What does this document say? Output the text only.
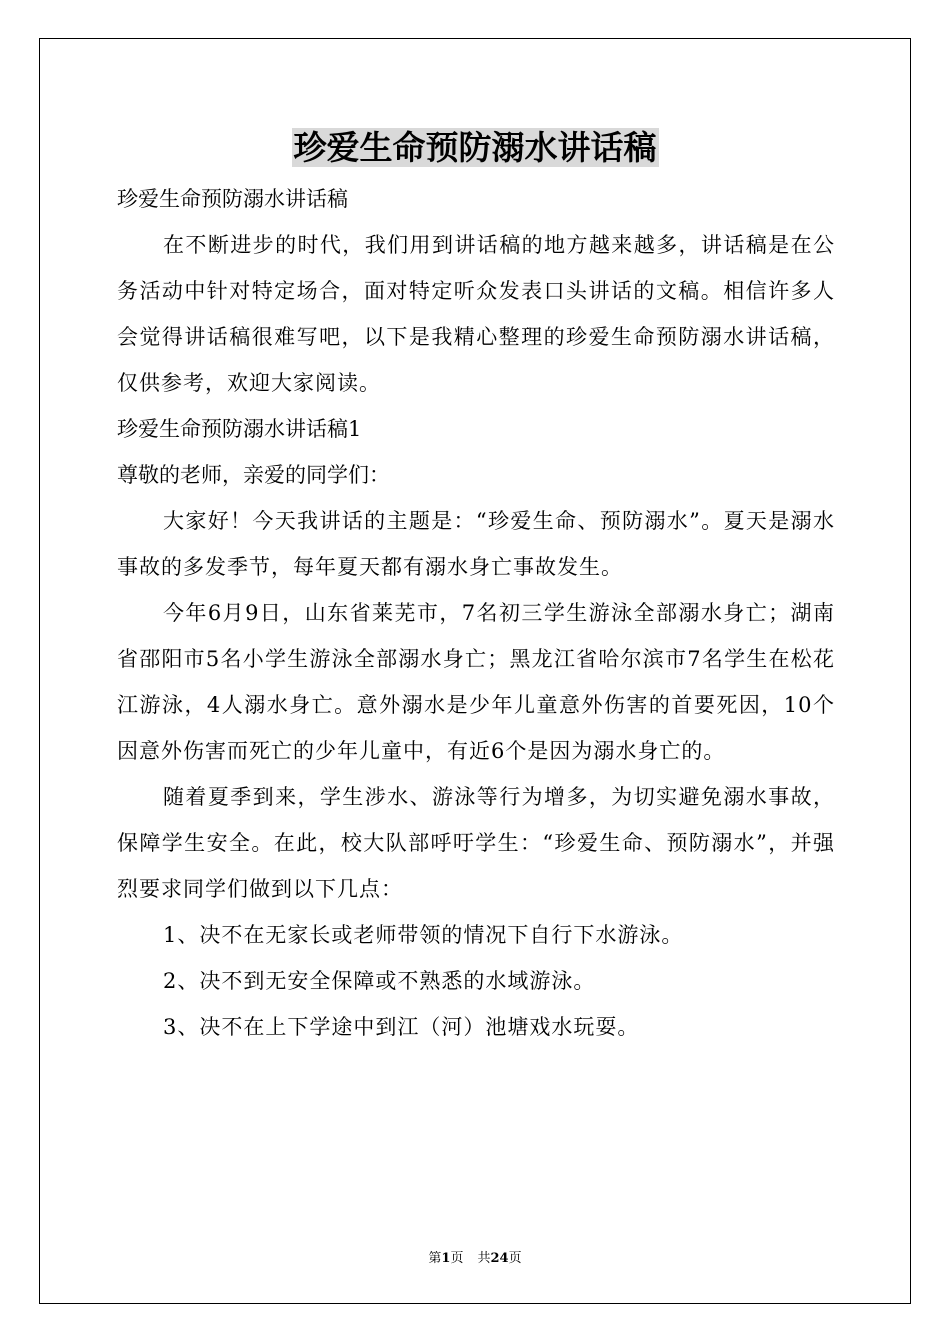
珍爱生命预防溺水讲话稿

珍爱生命预防溺水讲话稿

在不断进步的时代，我们用到讲话稿的地方越来越多，讲话稿是在公务活动中针对特定场合，面对特定听众发表口头讲话的文稿。相信许多人会觉得讲话稿很难写吧，以下是我精心整理的珍爱生命预防溺水讲话稿，仅供参考，欢迎大家阅读。

珍爱生命预防溺水讲话稿1

尊敬的老师，亲爱的同学们：

大家好！今天我讲话的主题是：“珍爱生命、预防溺水”。夏天是溺水事故的多发季节，每年夏天都有溺水身亡事故发生。

今年6月9日，山东省莱芜市，7名初三学生游泳全部溺水身亡；湖南省邵阳市5名小学生游泳全部溺水身亡；黑龙江省哈尔滨市7名学生在松花江游泳，4人溺水身亡。意外溺水是少年儿童意外伤害的首要死因，10个因意外伤害而死亡的少年儿童中，有近6个是因为溺水身亡的。

随着夏季到来，学生涉水、游泳等行为增多，为切实避免溺水事故，保障学生安全。在此，校大队部呼吁学生：“珍爱生命、预防溺水”，并强烈要求同学们做到以下几点：

1、决不在无家长或老师带领的情况下自行下水游泳。

2、决不到无安全保障或不熟悉的水域游泳。

3、决不在上下学途中到江（河）池塘戏水玩耍。

第1页 共24页
